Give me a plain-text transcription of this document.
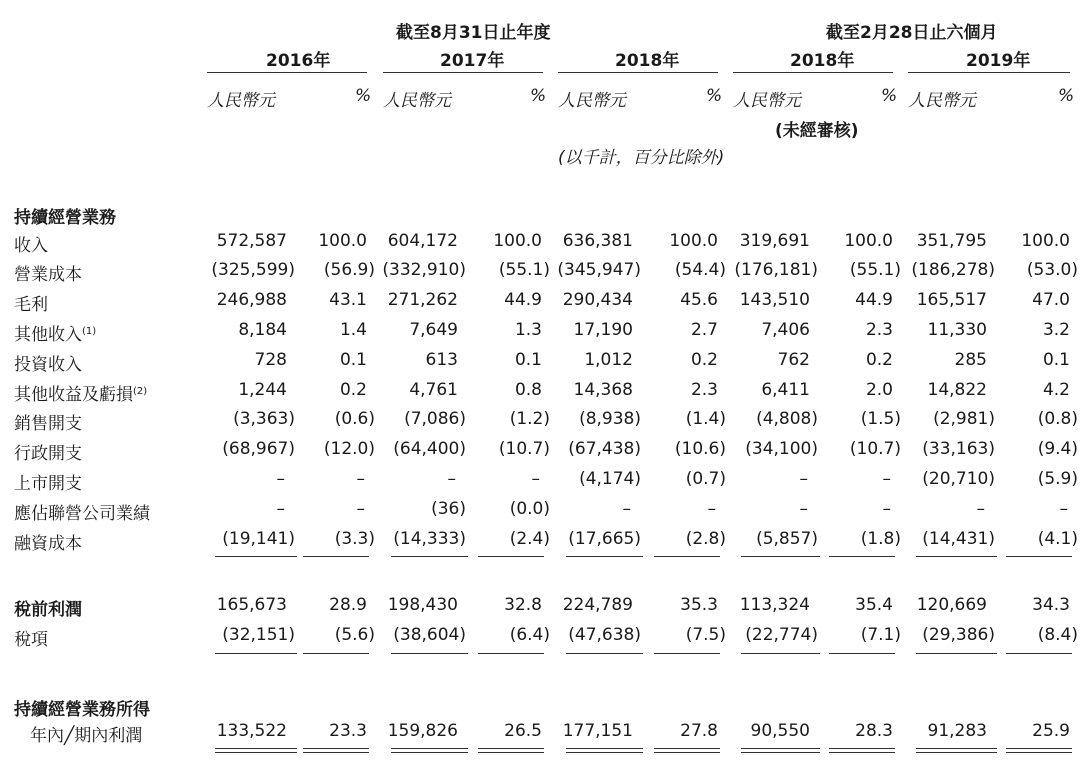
截至8月31日止年度	截至2月28日止六個月
2016年	2017年	2018年	2018年	2019年
人民幣元	% 人民幣元	% 人民幣元	% 人民幣元	% 人民幣元	%
(未經審核)
(以千計，百分比除外)
持續經營業務
收入	572,587 100.0 604,172 100.0 636,381 100.0 319,691 100.0 351,795 100.0
營業成本	(325,599) (56.9) (332,910) (55.1) (345,947) (54.4) (176,181) (55.1) (186,278) (53.0)
毛利	246,988 43.1 271,262	44.9 290,434	45.6 143,510	44.9 165,517	47.0
其他收入$^{(1)}$	8,184	1.4 7,649	1.3 17,190	2.7	7,406	2.3 11,330	3.2
投資收入	728	0.1	613	0.1 1,012	0.2	762	0.2	285	0.1
其他收益及虧損$^{(2)}$	1,244	0.2 4,761	0.8 14,368	2.3	6,411	2.0 14,822	4.2
銷售開支	(3,363) (0.6) (7,086)	(1.2) (8,938)	(1.4) (4,808)	(1.5) (2,981)	(0.8)
行政開支	(68,967) (12.0) (64,400) (10.7) (67,438) (10.6) (34,100) (10.7) (33,163)	(9.4)
上市開支	–	–	–	– (4,174)	(0.7)	–	– (20,710)	(5.9)
應佔聯營公司業績	–	–	(36)	(0.0)	–	–	–	–	–	–
融資成本	(19,141) (3.3) (14,333)	(2.4) (17,665)	(2.8) (5,857)	(1.8) (14,431)	(4.1)
稅前利潤	165,673 28.9 198,430	32.8 224,789	35.3 113,324	35.4 120,669	34.3
稅項	(32,151) (5.6) (38,604)	(6.4) (47,638)	(7.5) (22,774)	(7.1) (29,386)	(8.4)
年內╱期內利潤	133,522 23.3 159,826	26.5 177,151	27.8 90,550	28.3 91,283	25.9
持續經營業務所得
